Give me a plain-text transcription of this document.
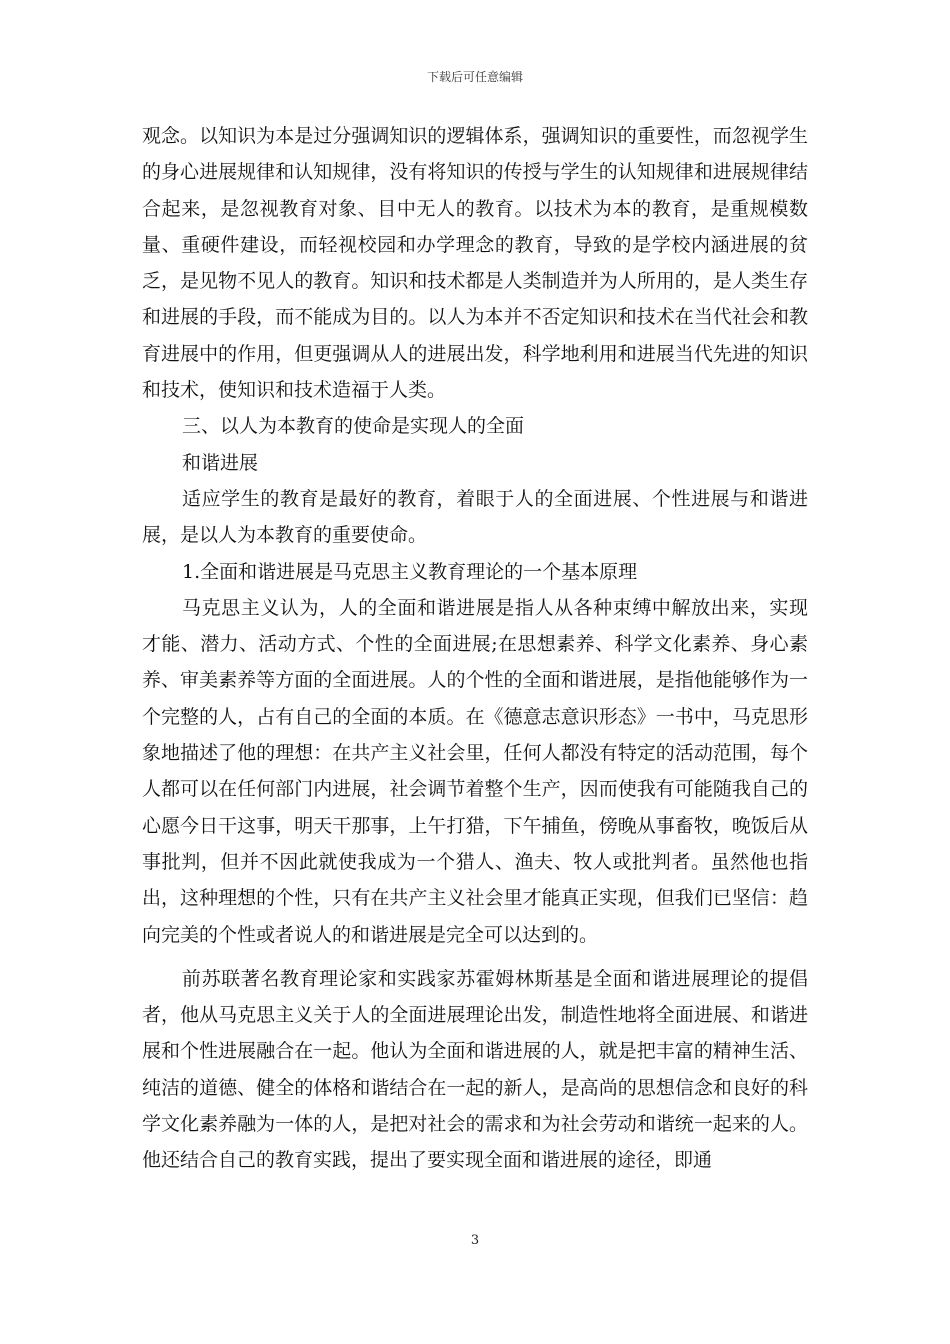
下载后可任意编辑

观念。以知识为本是过分强调知识的逻辑体系，强调知识的重要性，而忽视学生的身心进展规律和认知规律，没有将知识的传授与学生的认知规律和进展规律结合起来，是忽视教育对象、目中无人的教育。以技术为本的教育，是重规模数量、重硬件建设，而轻视校园和办学理念的教育，导致的是学校内涵进展的贫乏，是见物不见人的教育。知识和技术都是人类制造并为人所用的，是人类生存和进展的手段，而不能成为目的。以人为本并不否定知识和技术在当代社会和教育进展中的作用，但更强调从人的进展出发，科学地利用和进展当代先进的知识和技术，使知识和技术造福于人类。

三、以人为本教育的使命是实现人的全面

和谐进展

适应学生的教育是最好的教育，着眼于人的全面进展、个性进展与和谐进展，是以人为本教育的重要使命。

1.全面和谐进展是马克思主义教育理论的一个基本原理

马克思主义认为，人的全面和谐进展是指人从各种束缚中解放出来，实现才能、潜力、活动方式、个性的全面进展;在思想素养、科学文化素养、身心素养、审美素养等方面的全面进展。人的个性的全面和谐进展，是指他能够作为一个完整的人，占有自己的全面的本质。在《德意志意识形态》一书中，马克思形象地描述了他的理想：在共产主义社会里，任何人都没有特定的活动范围，每个人都可以在任何部门内进展，社会调节着整个生产，因而使我有可能随我自己的心愿今日干这事，明天干那事，上午打猎，下午捕鱼，傍晚从事畜牧，晚饭后从事批判，但并不因此就使我成为一个猎人、渔夫、牧人或批判者。虽然他也指出，这种理想的个性，只有在共产主义社会里才能真正实现，但我们已坚信：趋向完美的个性或者说人的和谐进展是完全可以达到的。

前苏联著名教育理论家和实践家苏霍姆林斯基是全面和谐进展理论的提倡者，他从马克思主义关于人的全面进展理论出发，制造性地将全面进展、和谐进展和个性进展融合在一起。他认为全面和谐进展的人，就是把丰富的精神生活、纯洁的道德、健全的体格和谐结合在一起的新人，是高尚的思想信念和良好的科学文化素养融为一体的人，是把对社会的需求和为社会劳动和谐统一起来的人。他还结合自己的教育实践，提出了要实现全面和谐进展的途径，即通

3
